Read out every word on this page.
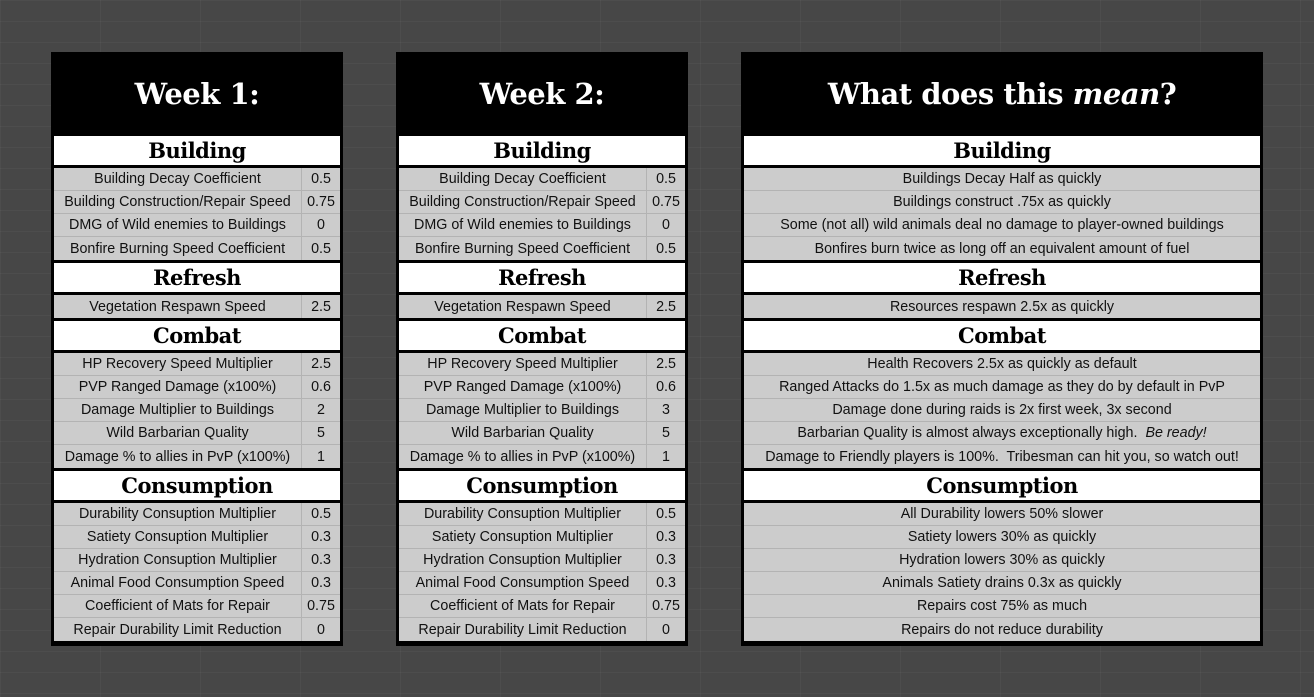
Week 1:
Building
Building Decay Coefficient	0.5
Building Construction/Repair Speed	0.75
DMG of Wild enemies to Buildings	0
Bonfire Burning Speed Coefficient	0.5
Refresh
Vegetation Respawn Speed	2.5
Combat
HP Recovery Speed Multiplier	2.5
PVP Ranged Damage (x100%)	0.6
Damage Multiplier to Buildings	2
Wild Barbarian Quality	5
Damage % to allies in PvP (x100%)	1
Consumption
Durability Consuption Multiplier	0.5
Satiety Consuption Multiplier	0.3
Hydration Consuption Multiplier	0.3
Animal Food Consumption Speed	0.3
Coefficient of Mats for Repair	0.75
Repair Durability Limit Reduction	0
Week 2:
Building
Building Decay Coefficient	0.5
Building Construction/Repair Speed	0.75
DMG of Wild enemies to Buildings	0
Bonfire Burning Speed Coefficient	0.5
Refresh
Vegetation Respawn Speed	2.5
Combat
HP Recovery Speed Multiplier	2.5
PVP Ranged Damage (x100%)	0.6
Damage Multiplier to Buildings	3
Wild Barbarian Quality	5
Damage % to allies in PvP (x100%)	1
Consumption
Durability Consuption Multiplier	0.5
Satiety Consuption Multiplier	0.3
Hydration Consuption Multiplier	0.3
Animal Food Consumption Speed	0.3
Coefficient of Mats for Repair	0.75
Repair Durability Limit Reduction	0
What does this mean ?
Building
Buildings Decay Half as quickly
Buildings construct .75x as quickly
Some (not all) wild animals deal no damage to player-owned buildings
Bonfires burn twice as long off an equivalent amount of fuel
Refresh
Resources respawn 2.5x as quickly
Combat
Health Recovers 2.5x as quickly as default
Ranged Attacks do 1.5x as much damage as they do by default in PvP
Damage done during raids is 2x first week, 3x second
Barbarian Quality is almost always exceptionally high. Be ready!
Damage to Friendly players is 100%.  Tribesman can hit you, so watch out!
Consumption
All Durability lowers 50% slower
Satiety lowers 30% as quickly
Hydration lowers 30% as quickly
Animals Satiety drains 0.3x as quickly
Repairs cost 75% as much
Repairs do not reduce durability
